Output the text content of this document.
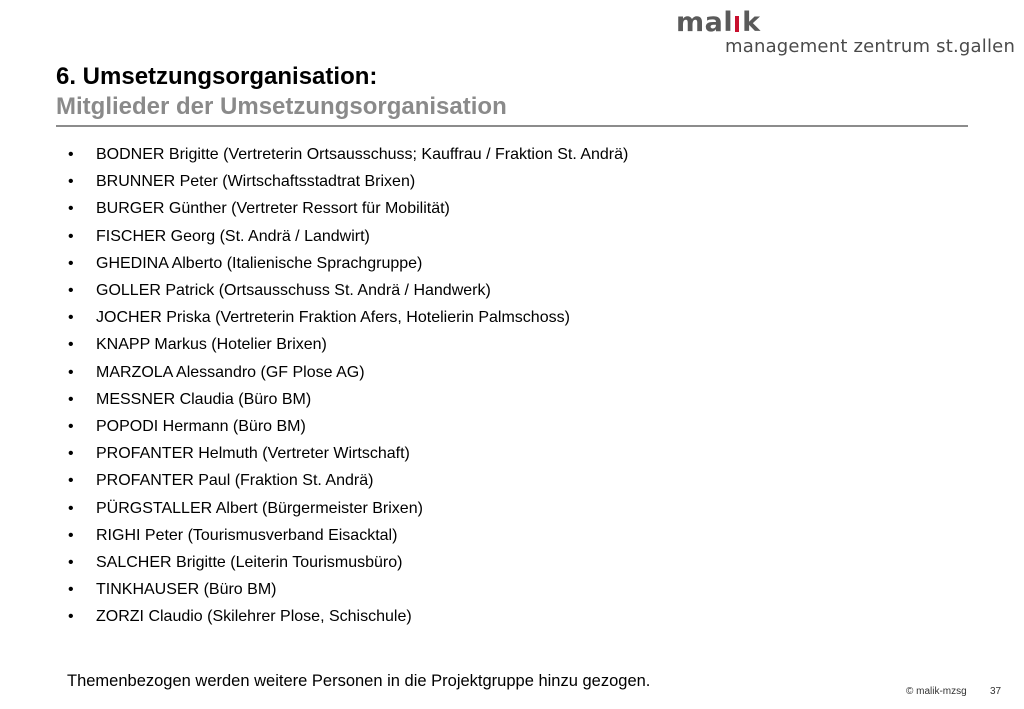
mal k
management zentrum st.gallen
6. Umsetzungsorganisation:
Mitglieder der Umsetzungsorganisation
• BODNER Brigitte (Vertreterin Ortsausschuss; Kauffrau / Fraktion St. Andrä)
• BRUNNER Peter (Wirtschaftsstadtrat Brixen)
• BURGER Günther (Vertreter Ressort für Mobilität)
• FISCHER Georg (St. Andrä / Landwirt)
• GHEDINA Alberto (Italienische Sprachgruppe)
• GOLLER Patrick (Ortsausschuss St. Andrä / Handwerk)
• JOCHER Priska (Vertreterin Fraktion Afers, Hotelierin Palmschoss)
• KNAPP Markus (Hotelier Brixen)
• MARZOLA Alessandro (GF Plose AG)
• MESSNER Claudia (Büro BM)
• POPODI Hermann (Büro BM)
• PROFANTER Helmuth (Vertreter Wirtschaft)
• PROFANTER Paul (Fraktion St. Andrä)
• PÜRGSTALLER Albert (Bürgermeister Brixen)
• RIGHI Peter (Tourismusverband Eisacktal)
• SALCHER Brigitte (Leiterin Tourismusbüro)
• TINKHAUSER (Büro BM)
• ZORZI Claudio (Skilehrer Plose, Schischule)
Themenbezogen werden weitere Personen in die Projektgruppe hinzu gezogen.
© malik-mzsg 37
